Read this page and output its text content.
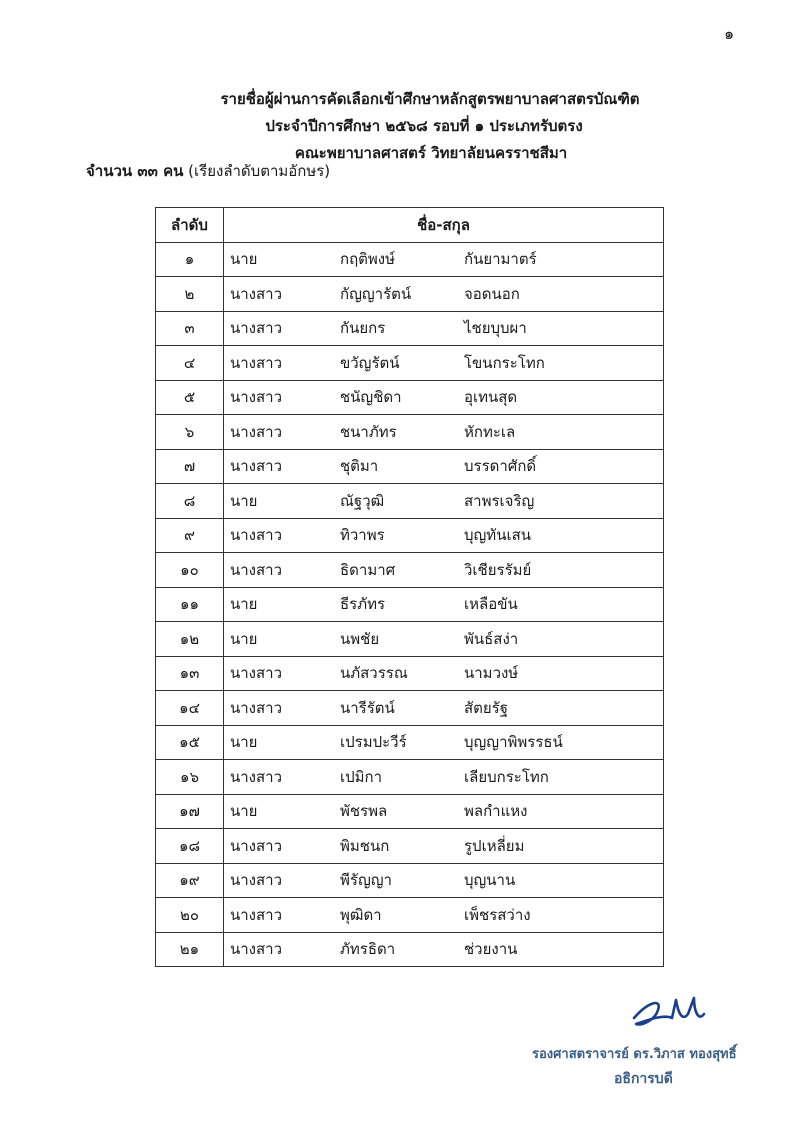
๑
รายชื่อผู้ผ่านการคัดเลือกเข้าศึกษาหลักสูตรพยาบาลศาสตรบัณฑิต
ประจำปีการศึกษา ๒๕๖๘ รอบที่ ๑ ประเภทรับตรง
คณะพยาบาลศาสตร์ วิทยาลัยนครราชสีมา
จำนวน ๓๓ คน (เรียงลำดับตามอักษร)
ลำดับ	ชื่อ-สกุล
๑	นาย กฤติพงษ์ กันยามาตร์

๒	นางสาว กัญญารัตน์ จอดนอก

๓	นางสาว กันยกร ไชยบุบผา

๔	นางสาว ขวัญรัตน์ โขนกระโทก

๕	นางสาว ชนัญชิดา อุเทนสุด

๖	นางสาว ชนาภัทร หักทะเล

๗	นางสาว ชุติมา บรรดาศักดิ์

๘	นาย ณัฐวุฒิ สาพรเจริญ

๙	นางสาว ทิวาพร บุญทันเสน

๑๐	นางสาว ธิดามาศ วิเชียรรัมย์

๑๑	นาย ธีรภัทร เหลือขัน

๑๒	นาย นพชัย พันธ์สง่า

๑๓	นางสาว นภัสวรรณ นามวงษ์

๑๔	นางสาว นารีรัตน์ สัตยรัฐ

๑๕	นาย เปรมปะวีร์ บุญญาพิพรรธน์

๑๖	นางสาว เปมิกา เลียบกระโทก

๑๗	นาย พัชรพล พลกำแหง

๑๘	นางสาว พิมชนก รูปเหลี่ยม

๑๙	นางสาว พีรัญญา บุญนาน

๒๐	นางสาว พุฒิดา เพ็ชรสว่าง

๒๑	นางสาว ภัทรธิดา ช่วยงาน
รองศาสตราจารย์ ดร.วิภาส ทองสุทธิ์
อธิการบดี
